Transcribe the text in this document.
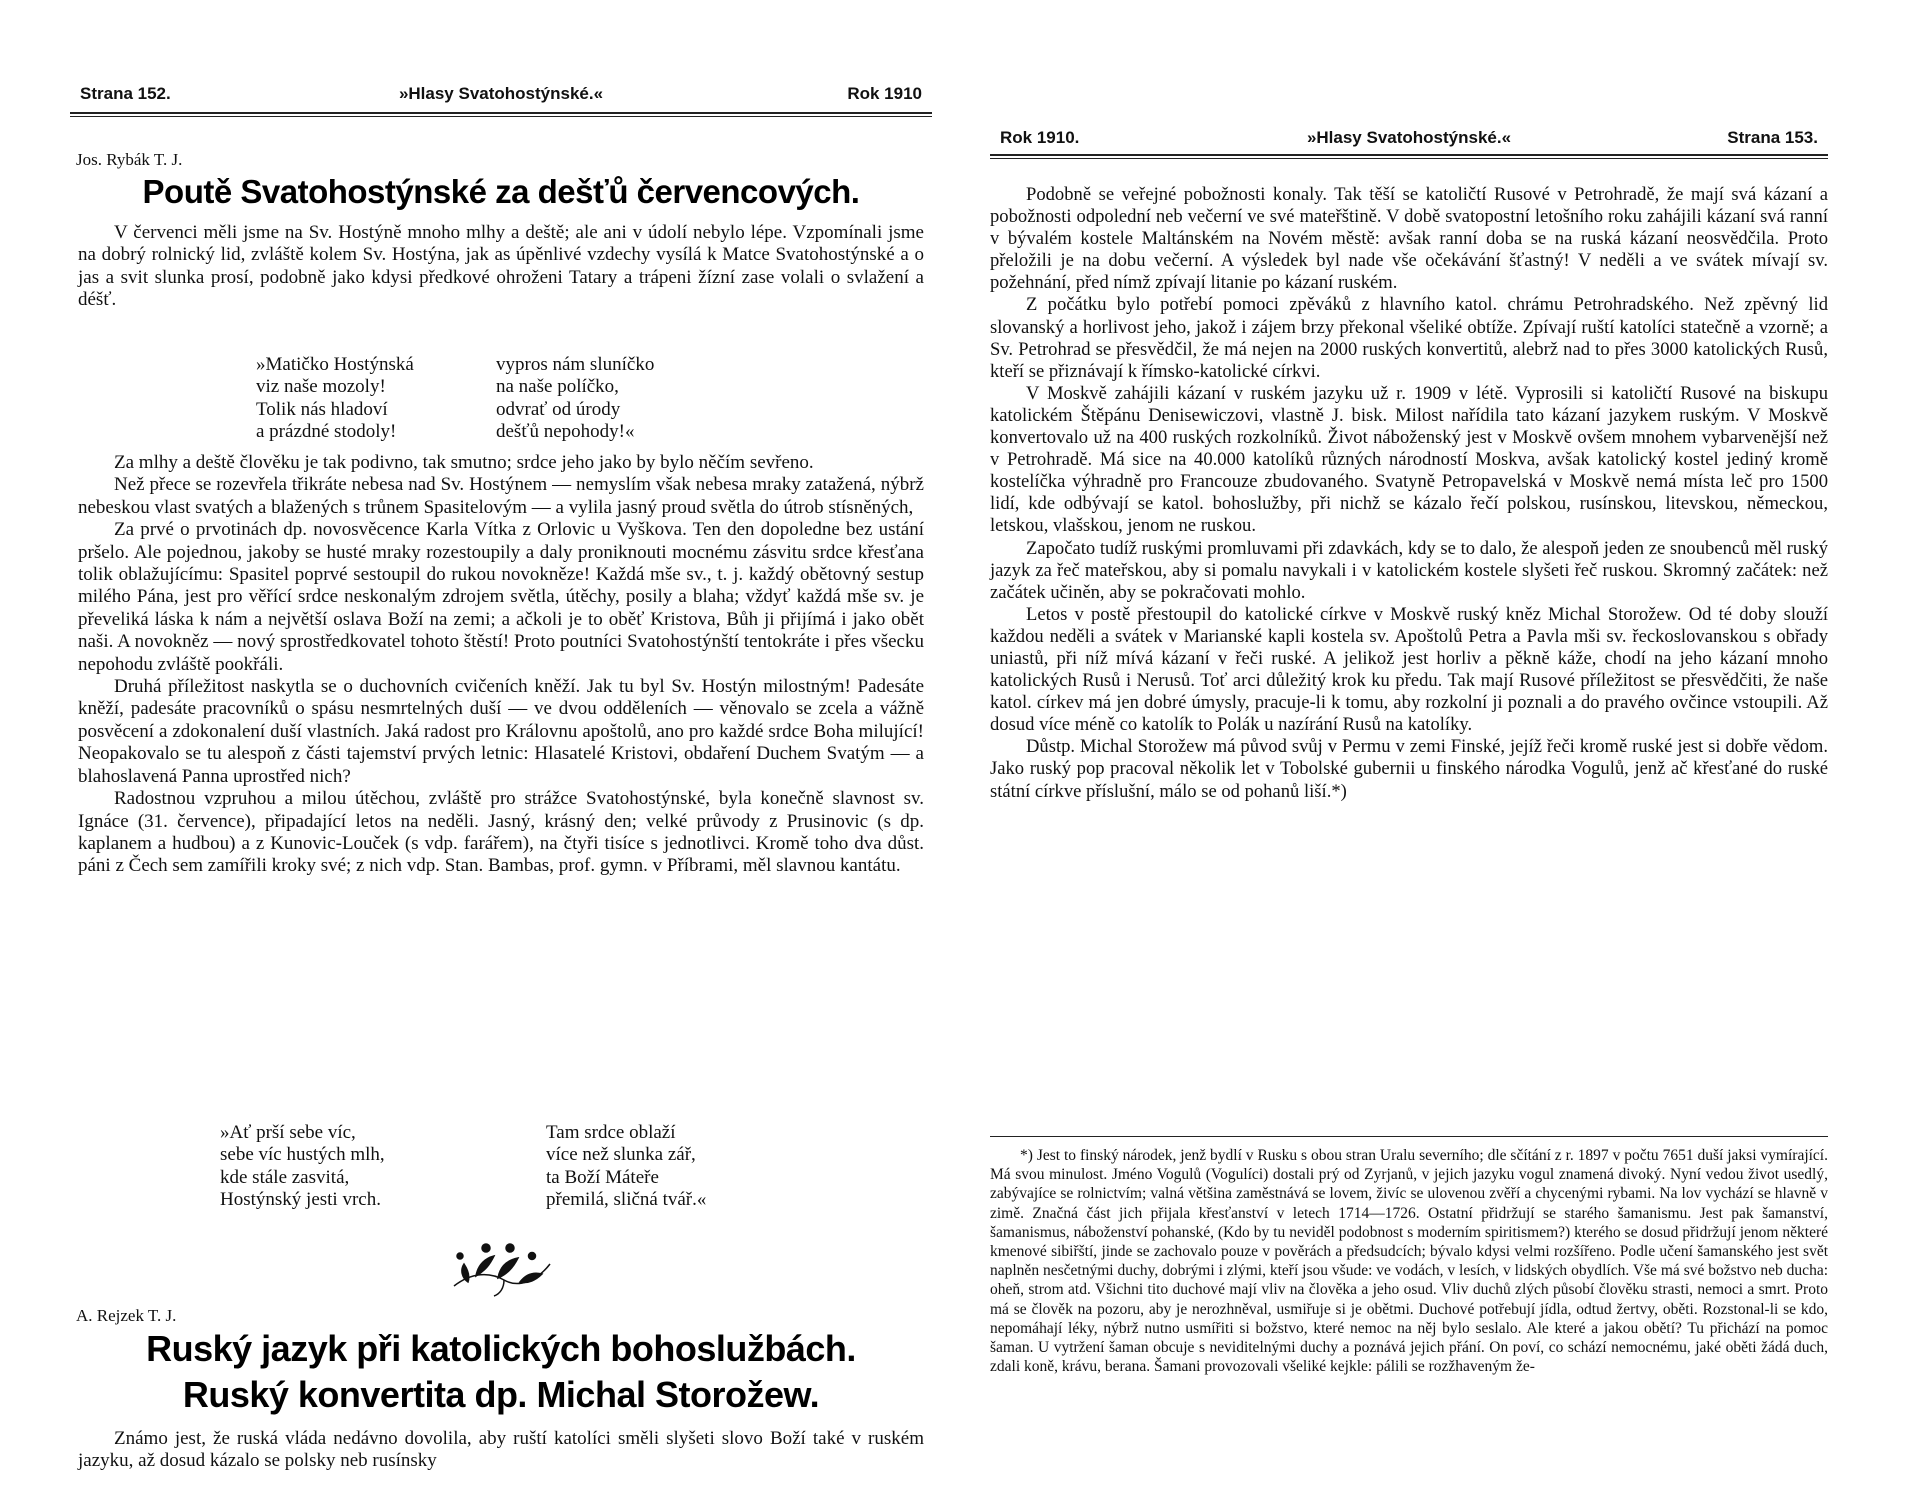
Strana 152.	»Hlasy Svatohostýnské.«	Rok 1910
Jos. Rybák T. J.
Poutě Svatohostýnské za dešťů červencových.

V červenci měli jsme na Sv. Hostýně mnoho mlhy a deště; ale ani v údolí nebylo lépe. Vzpomínali jsme na dobrý rolnický lid, zvláště kolem Sv. Hostýna, jak as úpěnlivé vzdechy vysílá k Matce Svatohostýnské a o jas a svit slunka prosí, podobně jako kdysi předkové ohroženi Tatary a trápeni žízní zase volali o svlažení a déšť.

»Matičko Hostýnská
viz naše mozoly!
Tolik nás hladoví
a prázdné stodoly!
vypros nám sluníčko
na naše políčko,
odvrať od úrody
dešťů nepohody!«

Za mlhy a deště člověku je tak podivno, tak smutno; srdce jeho jako by bylo něčím sevřeno.

Než přece se rozevřela třikráte nebesa nad Sv. Hostýnem — nemyslím však nebesa mraky zatažená, nýbrž nebeskou vlast svatých a blažených s trůnem Spasitelovým — a vylila jasný proud světla do útrob stísněných,

Za prvé o prvotinách dp. novosvěcence Karla Vítka z Orlovic u Vyškova. Ten den dopoledne bez ustání pršelo. Ale pojednou, jakoby se husté mraky rozestoupily a daly proniknouti mocnému zásvitu srdce křesťana tolik oblažujícímu: Spasitel poprvé sestoupil do rukou novokněze! Každá mše sv., t. j. každý obětovný sestup milého Pána, jest pro věřící srdce neskonalým zdrojem světla, útěchy, posily a blaha; vždyť každá mše sv. je převeliká láska k nám a největší oslava Boží na zemi; a ačkoli je to oběť Kristova, Bůh ji přijímá i jako obět naši. A novokněz — nový sprostředkovatel tohoto štěstí! Proto poutníci Svatohostýnští tentokráte i přes všecku nepohodu zvláště pookřáli.

Druhá příležitost naskytla se o duchovních cvičeních kněží. Jak tu byl Sv. Hostýn milostným! Padesáte kněží, padesáte pracovníků o spásu nesmrtelných duší — ve dvou odděleních — věnovalo se zcela a vážně posvěcení a zdokonalení duší vlastních. Jaká radost pro Královnu apoštolů, ano pro každé srdce Boha milující! Neopakovalo se tu alespoň z části tajemství prvých letnic: Hlasatelé Kristovi, obdaření Duchem Svatým — a blahoslavená Panna uprostřed nich?

Radostnou vzpruhou a milou útěchou, zvláště pro strážce Svatohostýnské, byla konečně slavnost sv. Ignáce (31. července), připadající letos na neděli. Jasný, krásný den; velké průvody z Prusinovic (s dp. kaplanem a hudbou) a z Kunovic-Louček (s vdp. farářem), na čtyři tisíce s jednotlivci. Kromě toho dva důst. páni z Čech sem zamířili kroky své; z nich vdp. Stan. Bambas, prof. gymn. v Příbrami, měl slavnou kantátu.

»Ať prší sebe víc,
sebe víc hustých mlh,
kde stále zasvitá,
Hostýnský jesti vrch.
Tam srdce oblaží
více než slunka zář,
ta Boží Mátеře
přemilá, sličná tvář.«
A. Rejzek T. J.
Ruský jazyk při katolických bohoslužbách.
Ruský konvertita dp. Michal Storožew.

Známo jest, že ruská vláda nedávno dovolila, aby ruští katolíci směli slyšeti slovo Boží také v ruském jazyku, až dosud kázalo se polsky neb rusínsky

Rok 1910.	»Hlasy Svatohostýnské.«	Strana 153.

Podobně se veřejné pobožnosti konaly. Tak těší se katoličtí Rusové v Petrohradě, že mají svá kázaní a pobožnosti odpolední neb večerní ve své mateřštině. V době svatopostní letošního roku zahájili kázaní svá ranní v bývalém kostele Maltánském na Novém městě: avšak ranní doba se na ruská kázaní neosvědčila. Proto přeložili je na dobu večerní. A výsledek byl nade vše očekávání šťastný! V neděli a ve svátek mívají sv. požehnání, před nímž zpívají litanie po kázaní ruském.

Z počátku bylo potřebí pomoci zpěváků z hlavního katol. chrámu Petrohradského. Než zpěvný lid slovanský a horlivost jeho, jakož i zájem brzy překonal všeliké obtíže. Zpívají ruští katolíci statečně a vzorně; a Sv. Petrohrad se přesvědčil, že má nejen na 2000 ruských konvertitů, alebrž nad to přes 3000 katolických Rusů, kteří se přiznávají k římsko-katolické církvi.

V Moskvě zahájili kázaní v ruském jazyku už r. 1909 v létě. Vyprosili si katoličtí Rusové na biskupu katolickém Štěpánu Denisewiczovi, vlastně J. bisk. Milost nařídila tato kázaní jazykem ruským. V Moskvě konvertovalo už na 400 ruských rozkolníků. Život náboženský jest v Moskvě ovšem mnohem vybarvenější než v Petrohradě. Má sice na 40.000 katolíků různých národností Moskva, avšak katolický kostel jediný kromě kostelíčka výhradně pro Francouze zbudovaného. Svatyně Petropavelská v Moskvě nemá místa leč pro 1500 lidí, kde odbývají se katol. bohoslužby, při nichž se kázalo řečí polskou, rusínskou, litevskou, německou, letskou, vlašskou, jenom ne ruskou.

Započato tudíž ruskými promluvami při zdavkách, kdy se to dalo, že alespoň jeden ze snoubenců měl ruský jazyk za řeč mateřskou, aby si pomalu navykali i v katolickém kostele slyšeti řeč ruskou. Skromný začátek: než začátek učiněn, aby se pokračovati mohlo.

Letos v postě přestoupil do katolické církve v Moskvě ruský kněz Michal Storožew. Od té doby slouží každou neděli a svátek v Marianské kapli kostela sv. Apoštolů Petra a Pavla mši sv. řeckoslovanskou s obřady uniastů, při níž mívá kázaní v řeči ruské. A jelikož jest horliv a pěkně káže, chodí na jeho kázaní mnoho katolických Rusů i Nerusů. Toť arci důležitý krok ku předu. Tak mají Rusové příležitost se přesvědčiti, že naše katol. církev má jen dobré úmysly, pracuje-li k tomu, aby rozkolní ji poznali a do pravého ovčince vstoupili. Až dosud více méně co katolík to Polák u nazírání Rusů na katolíky.

Důstp. Michal Storožew má původ svůj v Permu v zemi Finské, jejíž řeči kromě ruské jest si dobře vědom. Jako ruský pop pracoval několik let v Tobolské gubernii u finského národka Vogulů, jenž ač křesťané do ruské státní církve příslušní, málo se od pohanů liší.*)

*) Jest to finský národek, jenž bydlí v Rusku s obou stran Uralu severního; dle sčítání z r. 1897 v počtu 7651 duší jaksi vymírající. Má svou minulost. Jméno Vogulů (Vogulíci) dostali prý od Zyrjanů, v jejich jazyku vogul znamená divoký. Nyní vedou život usedlý, zabývajíce se rolnictvím; valná většina zaměstnává se lovem, živíc se ulovenou zvěří a chycenými rybami. Na lov vychází se hlavně v zimě. Značná část jich přijala křesťanství v letech 1714—1726. Ostatní přidržují se starého šamanismu. Jest pak šamanství, šamanismus, náboženství pohanské, (Kdo by tu neviděl podobnost s moderním spiritismem?) kterého se dosud přidržují jenom některé kmenové sibiřští, jinde se zachovalo pouze v pověrách a předsudcích; bývalo kdysi velmi rozšířeno. Podle učení šamanského jest svět naplněn nesčetnými duchy, dobrými i zlými, kteří jsou všude: ve vodách, v lesích, v lidských obydlích. Vše má své božstvo neb ducha: oheň, strom atd. Všichni tito duchové mají vliv na člověka a jeho osud. Vliv duchů zlých působí člověku strasti, nemoci a smrt. Proto má se člověk na pozoru, aby je nerozhněval, usmiřuje si je obětmi. Duchové potřebují jídla, odtud žertvy, oběti. Rozstonal-li se kdo, nepomáhají léky, nýbrž nutno usmířiti si božstvo, které nemoc na něj bylo seslalo. Ale které a jakou obětí? Tu přichází na pomoc šaman. U vytržení šaman obcuje s neviditelnými duchy a poznává jejich přání. On poví, co schází nemocnému, jaké oběti žádá duch, zdali koně, krávu, berana. Šamani provozovali všeliké kejkle: pálili se rozžhaveným že-
